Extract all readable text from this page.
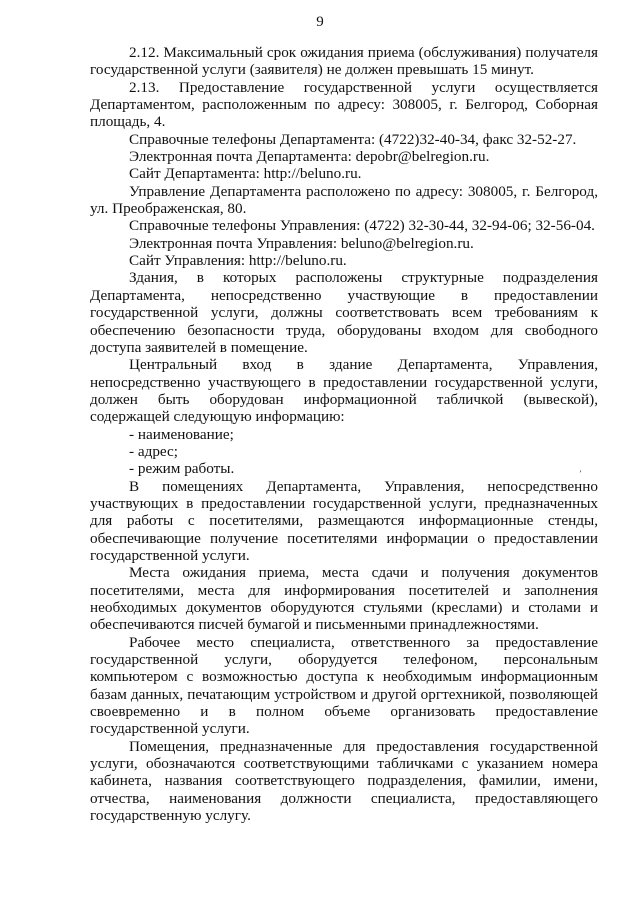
9

2.12. Максимальный срок ожидания приема (обслуживания) получателя государственной услуги (заявителя) не должен превышать 15 минут.

2.13. Предоставление государственной услуги осуществляется Департаментом, расположенным по адресу: 308005, г. Белгород, Соборная площадь, 4.

Справочные телефоны Департамента: (4722)32-40-34, факс 32-52-27.

Электронная почта Департамента: depobr@belregion.ru.

Сайт Департамента: http://beluno.ru.

Управление Департамента расположено по адресу: 308005, г. Белгород, ул. Преображенская, 80.

Справочные телефоны Управления: (4722) 32-30-44, 32-94-06; 32-56-04.

Электронная почта Управления: beluno@belregion.ru.

Сайт Управления: http://beluno.ru.

Здания, в которых расположены структурные подразделения Департамента, непосредственно участвующие в предоставлении государственной услуги, должны соответствовать всем требованиям к обеспечению безопасности труда, оборудованы входом для свободного доступа заявителей в помещение.

Центральный вход в здание Департамента, Управления, непосредственно участвующего в предоставлении государственной услуги, должен быть оборудован информационной табличкой (вывеской), содержащей следующую информацию:

- наименование;

- адрес;

- режим работы.

В помещениях Департамента, Управления, непосредственно участвующих в предоставлении государственной услуги, предназначенных для работы с посетителями, размещаются информационные стенды, обеспечивающие получение посетителями информации о предоставлении государственной услуги.

Места ожидания приема, места сдачи и получения документов посетителями, места для информирования посетителей и заполнения необходимых документов оборудуются стульями (креслами) и столами и обеспечиваются писчей бумагой и письменными принадлежностями.

Рабочее место специалиста, ответственного за предоставление государственной услуги, оборудуется телефоном, персональным компьютером с возможностью доступа к необходимым информационным базам данных, печатающим устройством и другой оргтехникой, позволяющей своевременно и в полном объеме организовать предоставление государственной услуги.

Помещения, предназначенные для предоставления государственной услуги, обозначаются соответствующими табличками с указанием номера кабинета, названия соответствующего подразделения, фамилии, имени, отчества, наименования должности специалиста, предоставляющего государственную услугу.

ʼ
